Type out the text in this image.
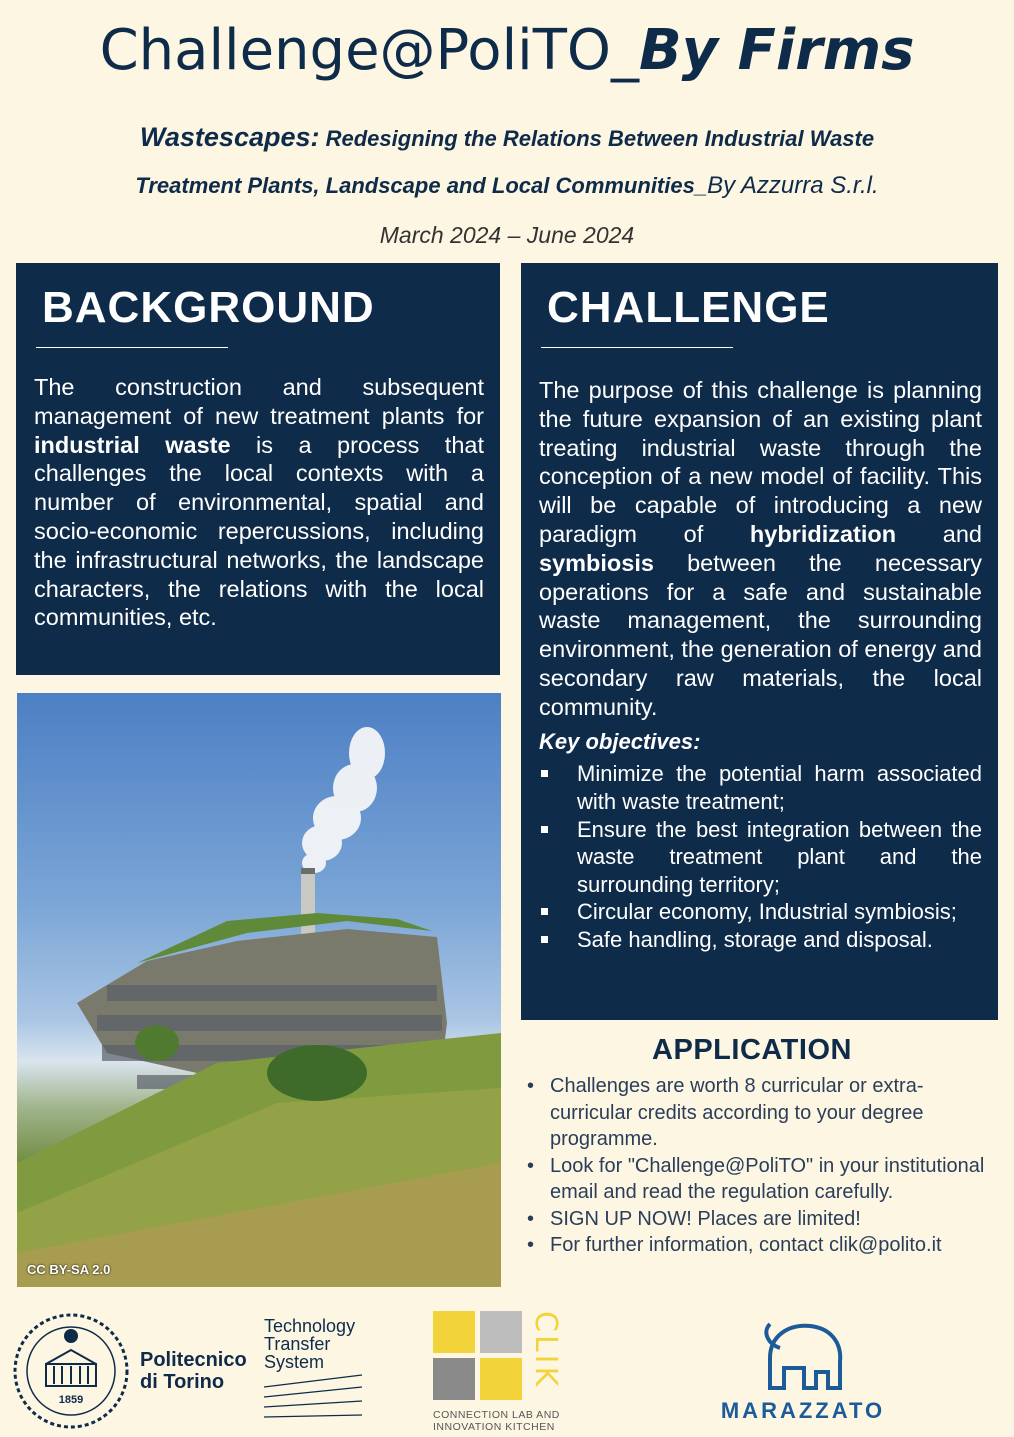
Challenge@PoliTO_By Firms
Wastescapes: Redesigning the Relations Between Industrial Waste
Treatment Plants, Landscape and Local Communities_By Azzurra S.r.l.
March 2024 – June 2024
BACKGROUND
The construction and subsequent management of new treatment plants for industrial waste is a process that challenges the local contexts with a number of environmental, spatial and socio-economic repercussions, including the infrastructural networks, the landscape characters, the relations with the local communities, etc.
CHALLENGE
The purpose of this challenge is planning the future expansion of an existing plant treating industrial waste through the conception of a new model of facility. This will be capable of introducing a new paradigm of hybridization and symbiosis between the necessary operations for a safe and sustainable waste management, the surrounding environment, the generation of energy and secondary raw materials, the local community.
Key objectives:
Minimize the potential harm associated with waste treatment;
Ensure the best integration between the waste treatment plant and the surrounding territory;
Circular economy, Industrial symbiosis;
Safe handling, storage and disposal.
CC BY-SA 2.0
APPLICATION
• Challenges are worth 8 curricular or extra-curricular credits according to your degree programme.
• Look for "Challenge@PoliTO" in your institutional email and read the regulation carefully.
• SIGN UP NOW! Places are limited!
• For further information, contact clik@polito.it
1859
Politecnico
di Torino
Technology
Transfer
System	CLIK
CONNECTION LAB AND
INNOVATION KITCHEN
MARAZZATO
